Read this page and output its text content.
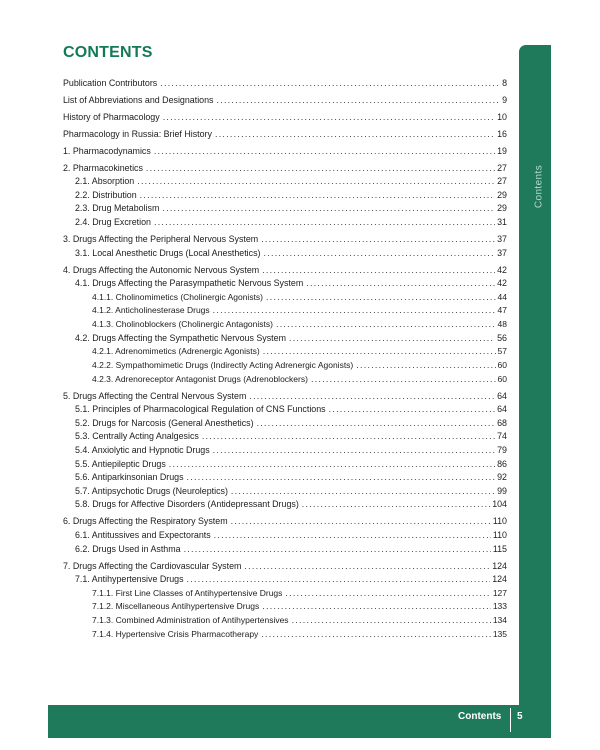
CONTENTS
Publication Contributors . . .	8
List of Abbreviations and Designations . . .	9
History of Pharmacology . . .	10
Pharmacology in Russia: Brief History . . .	16
1. Pharmacodynamics . . .	19
2. Pharmacokinetics . . .	27
2.1. Absorption . . .	27
2.2. Distribution . . .	29
2.3. Drug Metabolism . . .	29
2.4. Drug Excretion . . .	31
3. Drugs Affecting the Peripheral Nervous System . . .	37
3.1. Local Anesthetic Drugs (Local Anesthetics) . . .	37
4. Drugs Affecting the Autonomic Nervous System . . .	42
4.1. Drugs Affecting the Parasympathetic Nervous System . . .	42
4.1.1. Cholinomimetics (Cholinergic Agonists) . . .	44
4.1.2. Anticholinesterase Drugs . . .	47
4.1.3. Cholinoblockers (Cholinergic Antagonists) . . .	48
4.2. Drugs Affecting the Sympathetic Nervous System . . .	56
4.2.1. Adrenomimetics (Adrenergic Agonists) . . .	57
4.2.2. Sympathomimetic Drugs (Indirectly Acting Adrenergic Agonists) . . .	60
4.2.3. Adrenoreceptor Antagonist Drugs (Adrenoblockers) . . .	60
5. Drugs Affecting the Central Nervous System . . .	64
5.1. Principles of Pharmacological Regulation of CNS Functions . . .	64
5.2. Drugs for Narcosis (General Anesthetics) . . .	68
5.3. Centrally Acting Analgesics . . .	74
5.4. Anxiolytic and Hypnotic Drugs . . .	79
5.5. Antiepileptic Drugs . . .	86
5.6. Antiparkinsonian Drugs . . .	92
5.7. Antipsychotic Drugs (Neuroleptics) . . .	99
5.8. Drugs for Affective Disorders (Antidepressant Drugs) . . .	104
6. Drugs Affecting the Respiratory System . . .	110
6.1. Antitussives and Expectorants . . .	110
6.2. Drugs Used in Asthma . . .	115
7. Drugs Affecting the Cardiovascular System . . .	124
7.1. Antihypertensive Drugs . . .	124
7.1.1. First Line Classes of Antihypertensive Drugs . . .	127
7.1.2. Miscellaneous Antihypertensive Drugs . . .	133
7.1.3. Combined Administration of Antihypertensives . . .	134
7.1.4. Hypertensive Crisis Pharmacotherapy . . .	135
Contents
Contents 5
